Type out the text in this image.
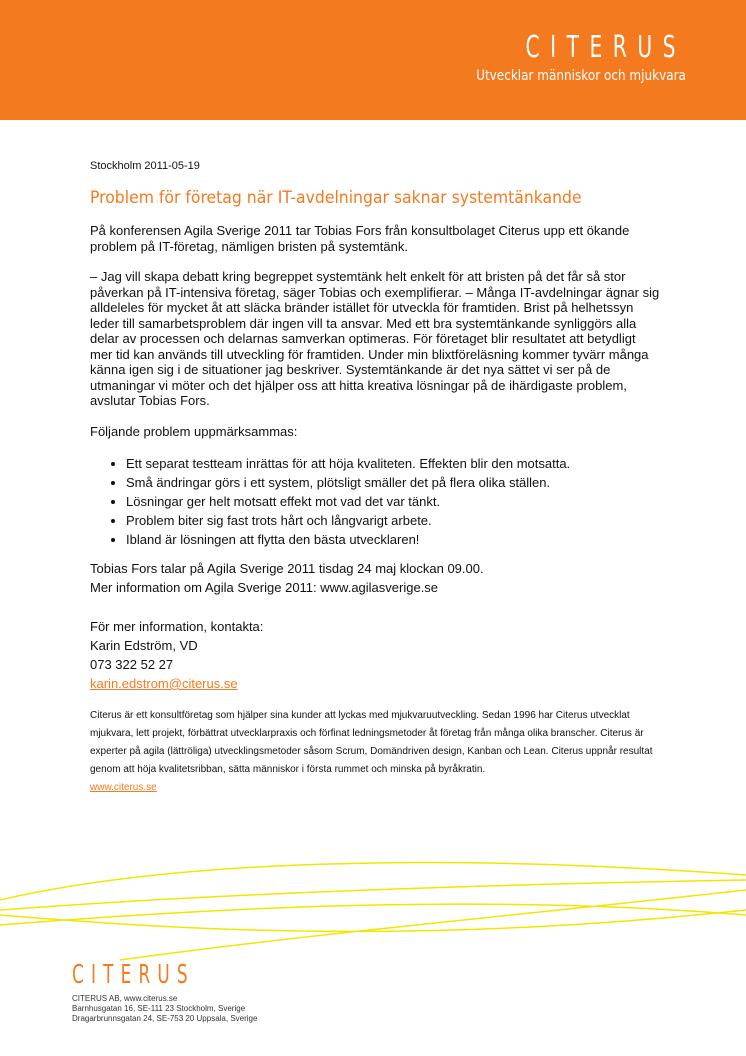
CITERUS
Utvecklar människor och mjukvara
Stockholm 2011-05-19
Problem för företag när IT-avdelningar saknar systemtänkande

På konferensen Agila Sverige 2011 tar Tobias Fors från konsultbolaget Citerus upp ett ökande problem på IT-företag, nämligen bristen på systemtänk.

– Jag vill skapa debatt kring begreppet systemtänk helt enkelt för att bristen på det får så stor påverkan på IT-intensiva företag, säger Tobias och exemplifierar. – Många IT-avdelningar ägnar sig alldeleles för mycket åt att släcka bränder istället för utveckla för framtiden. Brist på helhetssyn leder till samarbetsproblem där ingen vill ta ansvar. Med ett bra systemtänkande synliggörs alla delar av processen och delarnas samverkan optimeras. För företaget blir resultatet att betydligt mer tid kan används till utveckling för framtiden. Under min blixtföreläsning kommer tyvärr många känna igen sig i de situationer jag beskriver. Systemtänkande är det nya sättet vi ser på de utmaningar vi möter och det hjälper oss att hitta kreativa lösningar på de ihärdigaste problem, avslutar Tobias Fors.

Följande problem uppmärksammas:

• Ett separat testteam inrättas för att höja kvaliteten. Effekten blir den motsatta.
• Små ändringar görs i ett system, plötsligt smäller det på flera olika ställen.
• Lösningar ger helt motsatt effekt mot vad det var tänkt.
• Problem biter sig fast trots hårt och långvarigt arbete.
• Ibland är lösningen att flytta den bästa utvecklaren!
Tobias Fors talar på Agila Sverige 2011 tisdag 24 maj klockan 09.00.
Mer information om Agila Sverige 2011: www.agilasverige.se
För mer information, kontakta:
Karin Edström, VD
073 322 52 27
karin.edstrom@citerus.se
Citerus är ett konsultföretag som hjälper sina kunder att lyckas med mjukvaruutveckling. Sedan 1996 har Citerus utvecklat mjukvara, lett projekt, förbättrat utvecklarpraxis och förfinat ledningsmetoder åt företag från många olika branscher. Citerus är experter på agila (lättröliga) utvecklingsmetoder såsom Scrum, Domändriven design, Kanban och Lean. Citerus uppnår resultat genom att höja kvalitetsribban, sätta människor i första rummet och minska på byråkratin.
www.citerus.se
CITERUS
CITERUS AB, www.citerus.se
Barnhusgatan 16, SE-111 23 Stockholm, Sverige
Dragarbrunnsgatan 24, SE-753 20 Uppsala, Sverige
